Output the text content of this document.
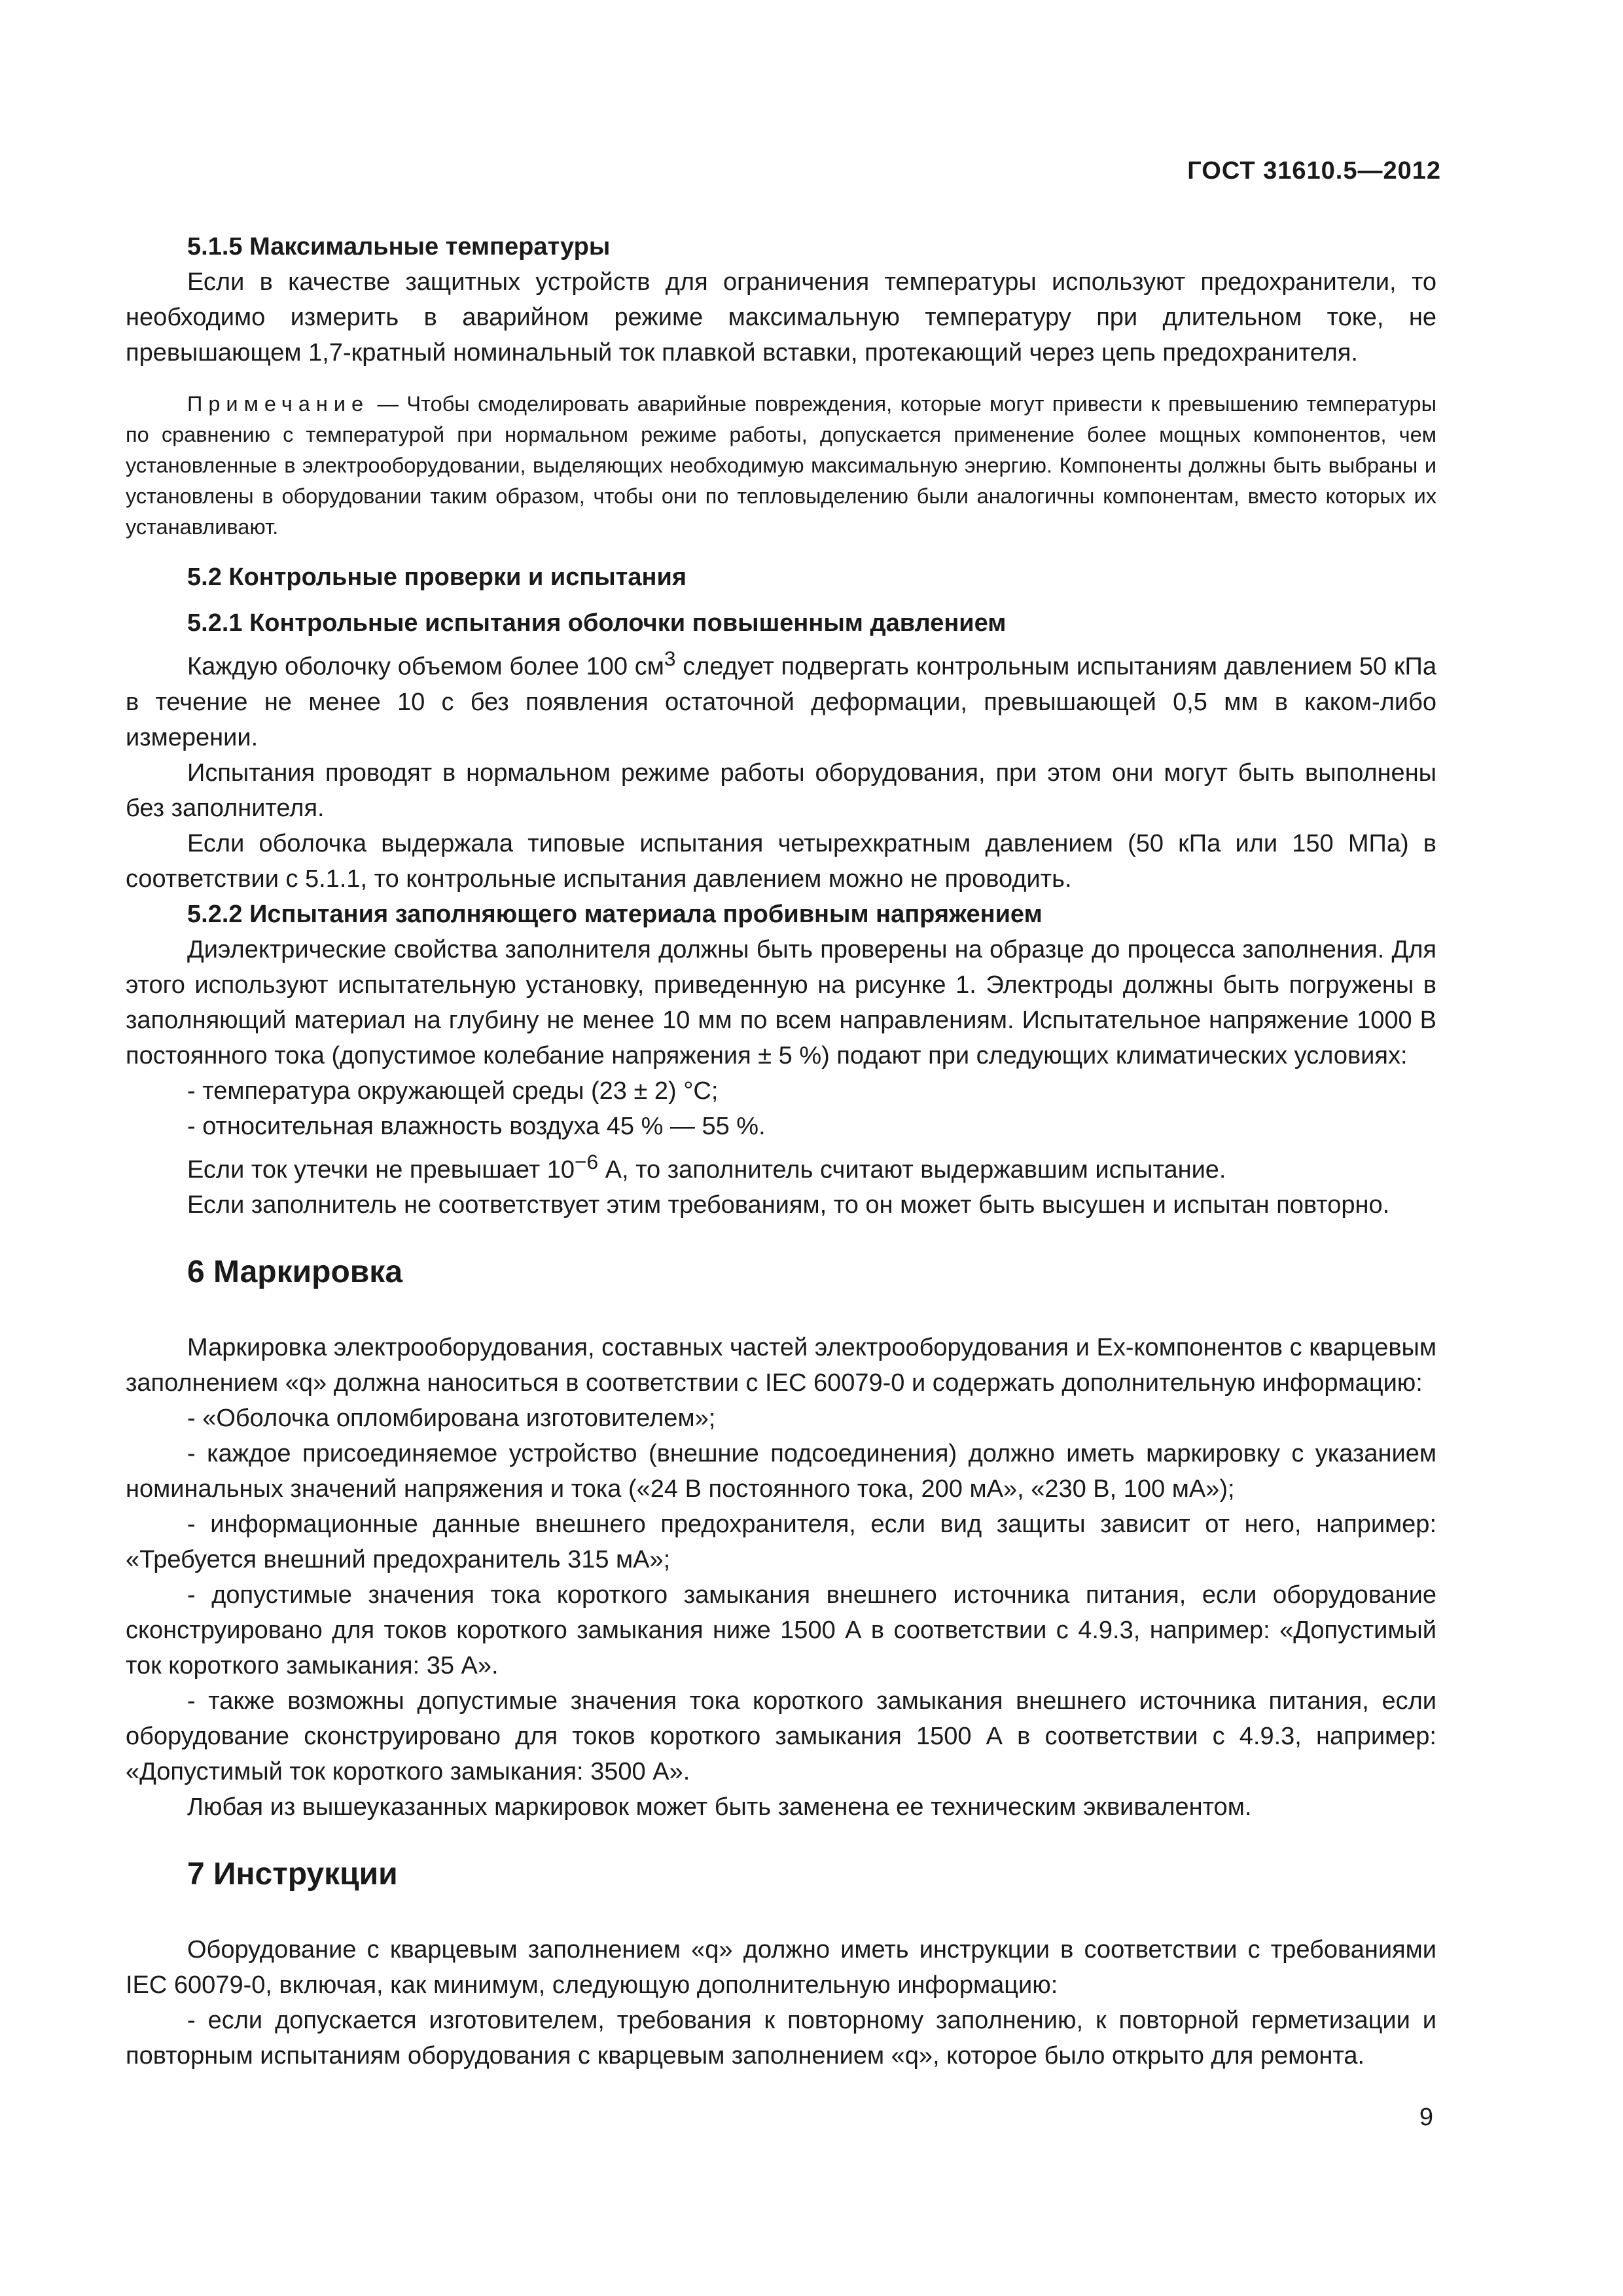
ГОСТ 31610.5—2012

5.1.5 Максимальные температуры

Если в качестве защитных устройств для ограничения температуры используют предохранители, то необходимо измерить в аварийном режиме максимальную температуру при длительном токе, не превышающем 1,7-кратный номинальный ток плавкой вставки, протекающий через цепь предохранителя.

Примечание — Чтобы смоделировать аварийные повреждения, которые могут привести к превышению температуры по сравнению с температурой при нормальном режиме работы, допускается применение более мощных компонентов, чем установленные в электрооборудовании, выделяющих необходимую максимальную энергию. Компоненты должны быть выбраны и установлены в оборудовании таким образом, чтобы они по тепловыделению были аналогичны компонентам, вместо которых их устанавливают.

5.2 Контрольные проверки и испытания

5.2.1 Контрольные испытания оболочки повышенным давлением

Каждую оболочку объемом более 100 $см^3$ следует подвергать контрольным испытаниям давлением 50 кПа в течение не менее 10 с без появления остаточной деформации, превышающей 0,5 мм в каком-либо измерении.

Испытания проводят в нормальном режиме работы оборудования, при этом они могут быть выполнены без заполнителя.

Если оболочка выдержала типовые испытания четырехкратным давлением (50 кПа или 150 МПа) в соответствии с 5.1.1, то контрольные испытания давлением можно не проводить.

5.2.2 Испытания заполняющего материала пробивным напряжением

Диэлектрические свойства заполнителя должны быть проверены на образце до процесса заполнения. Для этого используют испытательную установку, приведенную на рисунке 1. Электроды должны быть погружены в заполняющий материал на глубину не менее 10 мм по всем направлениям. Испытательное напряжение 1000 В постоянного тока (допустимое колебание напряжения ± 5 %) подают при следующих климатических условиях:

- температура окружающей среды (23 ± 2) °C;

- относительная влажность воздуха 45 % — 55 %.

Если ток утечки не превышает $10^{-6}$ А, то заполнитель считают выдержавшим испытание.

Если заполнитель не соответствует этим требованиям, то он может быть высушен и испытан повторно.

6 Маркировка

Маркировка электрооборудования, составных частей электрооборудования и Ex-компонентов с кварцевым заполнением «q» должна наноситься в соответствии с IEC 60079-0 и содержать дополнительную информацию:

- «Оболочка опломбирована изготовителем»;

- каждое присоединяемое устройство (внешние подсоединения) должно иметь маркировку с указанием номинальных значений напряжения и тока («24 В постоянного тока, 200 мА», «230 В, 100 мА»);

- информационные данные внешнего предохранителя, если вид защиты зависит от него, например: «Требуется внешний предохранитель 315 мА»;

- допустимые значения тока короткого замыкания внешнего источника питания, если оборудование сконструировано для токов короткого замыкания ниже 1500 А в соответствии с 4.9.3, например: «Допустимый ток короткого замыкания: 35 А».

- также возможны допустимые значения тока короткого замыкания внешнего источника питания, если оборудование сконструировано для токов короткого замыкания 1500 А в соответствии с 4.9.3, например: «Допустимый ток короткого замыкания: 3500 А».

Любая из вышеуказанных маркировок может быть заменена ее техническим эквивалентом.

7 Инструкции

Оборудование с кварцевым заполнением «q» должно иметь инструкции в соответствии с требованиями IEC 60079-0, включая, как минимум, следующую дополнительную информацию:

- если допускается изготовителем, требования к повторному заполнению, к повторной герметизации и повторным испытаниям оборудования с кварцевым заполнением «q», которое было открыто для ремонта.

9
